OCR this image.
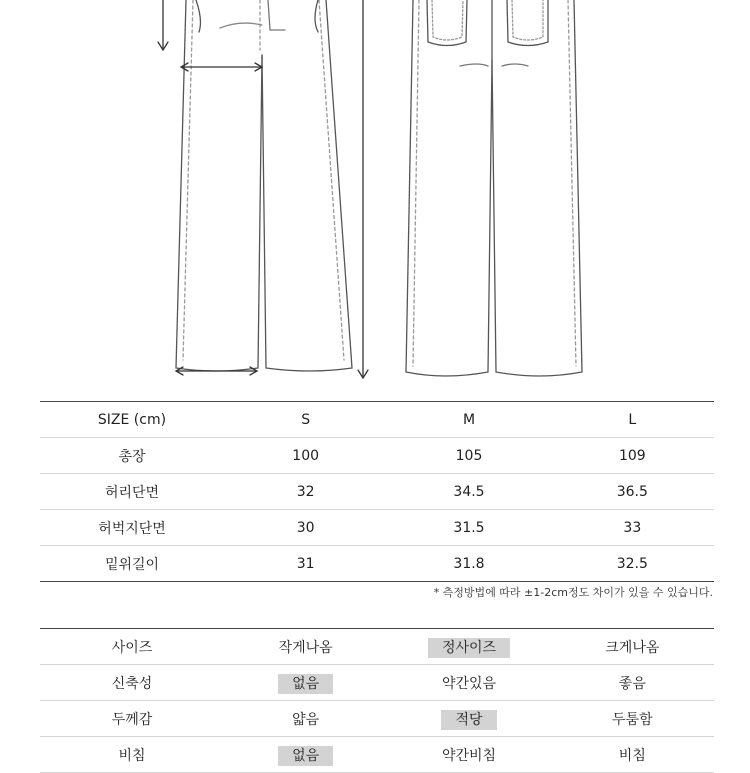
SIZE (cm)	S	M	L
총장	100	105	109
허리단면	32	34.5	36.5
허벅지단면	30	31.5	33
밑위길이	31	31.8	32.5
* 측정방법에 따라 ±1-2cm정도 차이가 있을 수 있습니다.
사이즈	작게나옴	정사이즈	크게나옴
신축성	없음	약간있음	좋음
두께감	얇음	적당	두툼함
비침	없음	약간비침	비침
